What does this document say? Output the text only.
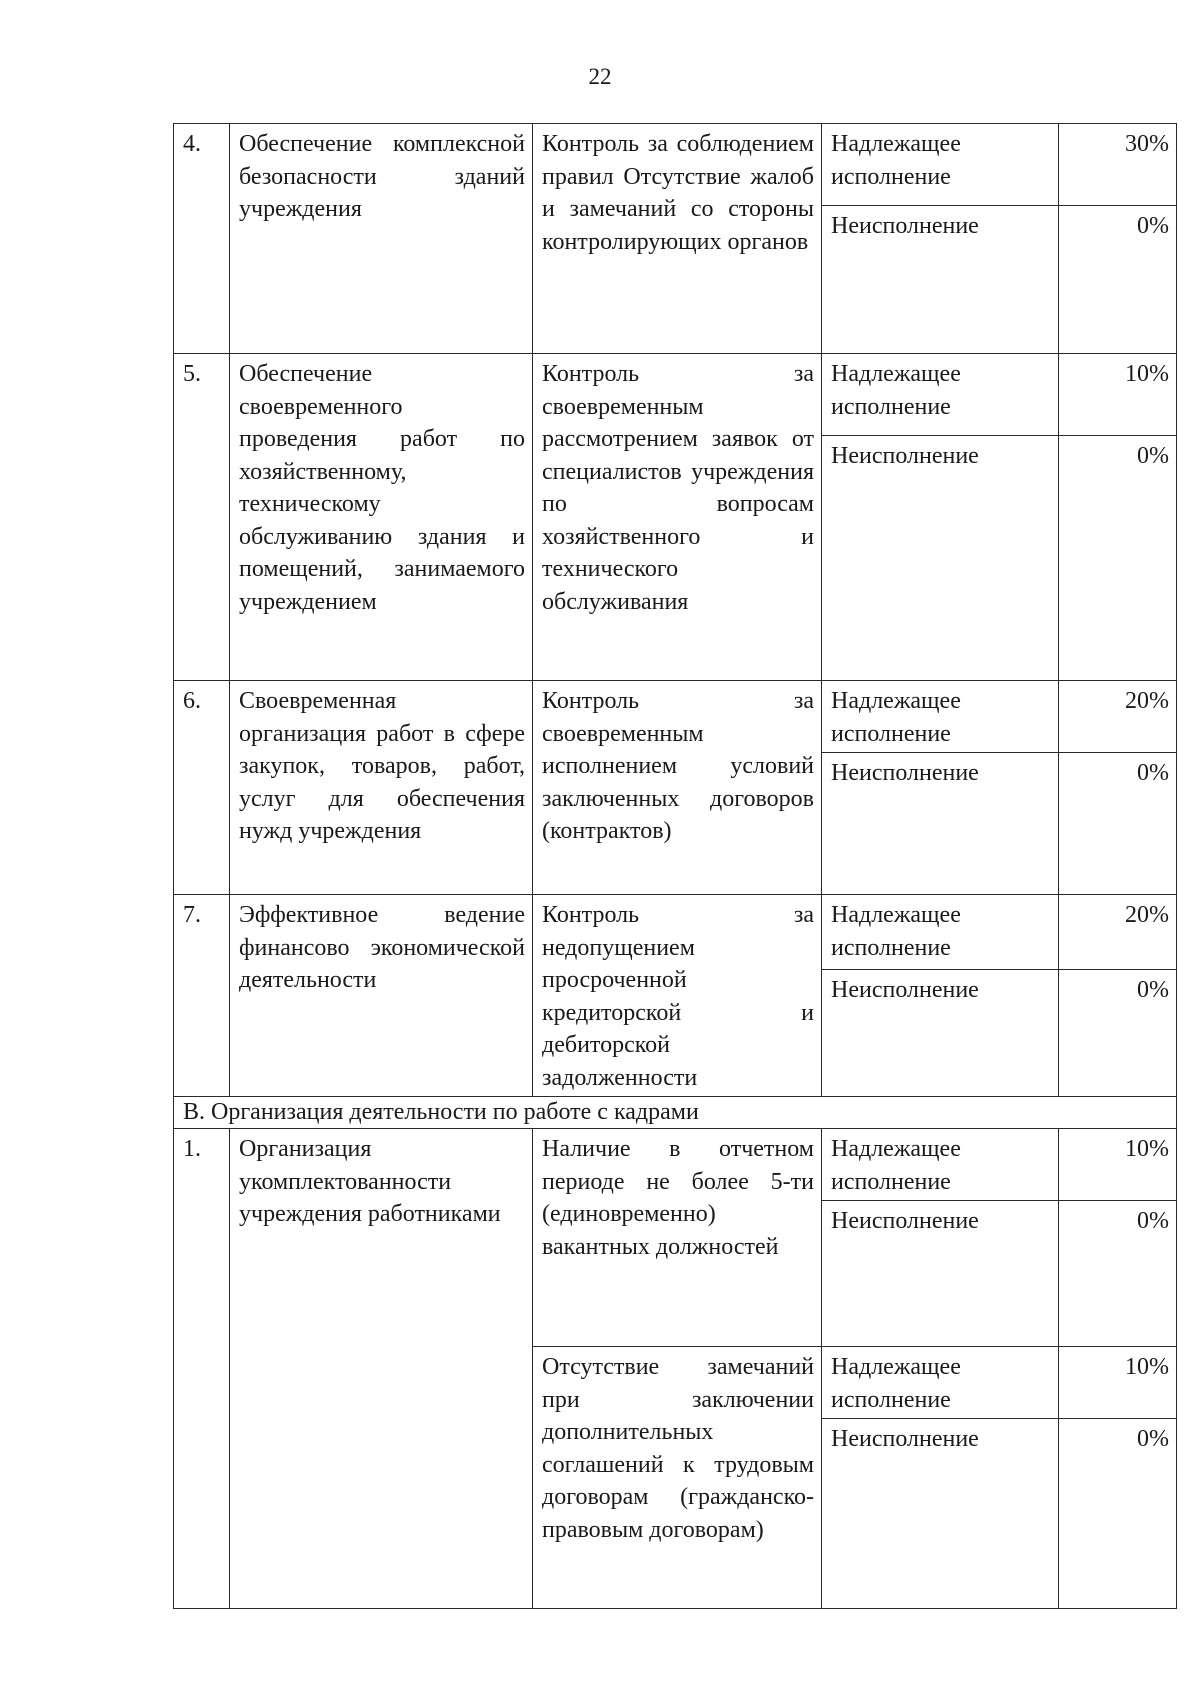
22
4.	Обеспечение комплексной безопасности зданий учреждения	Контроль за соблюдением правил Отсутствие жалоб и замечаний со стороны контролирующих органов	Надлежащее исполнение	30%
			Неисполнение	0%
5.	Обеспечение своевременного проведения работ по хозяйственному, техническому обслуживанию здания и помещений, занимаемого учреждением	Контроль за своевременным рассмотрением заявок от специалистов учреждения по вопросам хозяйственного и технического обслуживания	Надлежащее исполнение	10%
			Неисполнение	0%
6.	Своевременная организация работ в сфере закупок, товаров, работ, услуг для обеспечения нужд учреждения	Контроль за своевременным исполнением условий заключенных договоров (контрактов)	Надлежащее исполнение	20%
			Неисполнение	0%
7.	Эффективное ведение финансово экономической деятельности	Контроль за недопущением просроченной кредиторской и дебиторской задолженности	Надлежащее исполнение	20%
			Неисполнение	0%
В. Организация деятельности по работе с кадрами				
1.	Организация укомплектованности учреждения работниками	Наличие в отчетном периоде не более 5-ти (единовременно) вакантных должностей	Надлежащее исполнение	10%
			Неисполнение	0%
		Отсутствие замечаний при заключении дополнительных соглашений к трудовым договорам (гражданско-правовым договорам)	Надлежащее исполнение	10%
			Неисполнение	0%
